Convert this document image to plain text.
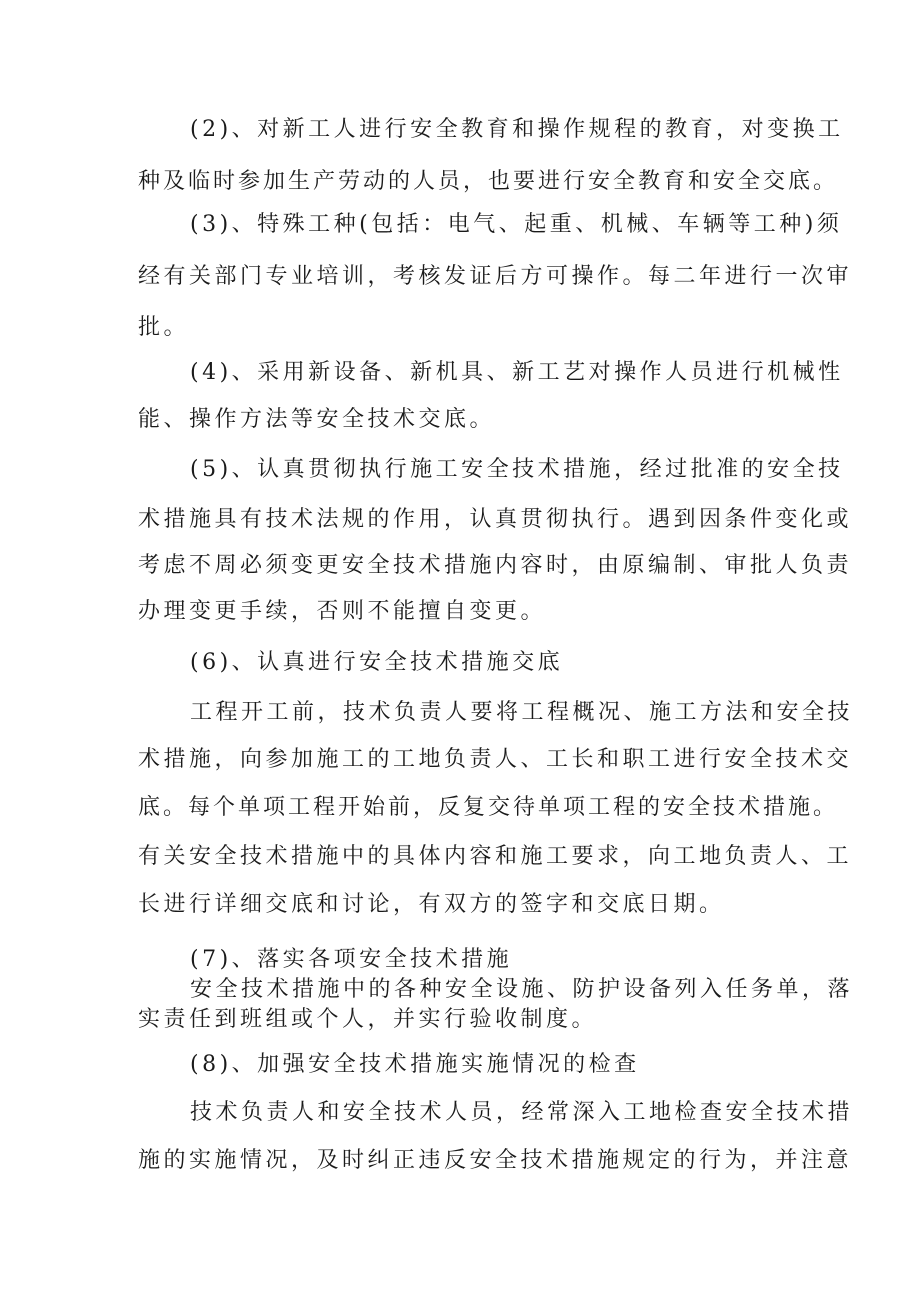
(2)、对新工人进行安全教育和操作规程的教育，对变换工
种及临时参加生产劳动的人员，也要进行安全教育和安全交底。
(3)、特殊工种(包括：电气、起重、机械、车辆等工种)须
经有关部门专业培训，考核发证后方可操作。每二年进行一次审
批。
(4)、采用新设备、新机具、新工艺对操作人员进行机械性
能、操作方法等安全技术交底。
(5)、认真贯彻执行施工安全技术措施，经过批准的安全技
术措施具有技术法规的作用，认真贯彻执行。遇到因条件变化或
考虑不周必须变更安全技术措施内容时，由原编制、审批人负责
办理变更手续，否则不能擅自变更。
(6)、认真进行安全技术措施交底
工程开工前，技术负责人要将工程概况、施工方法和安全技
术措施，向参加施工的工地负责人、工长和职工进行安全技术交
底。每个单项工程开始前，反复交待单项工程的安全技术措施。
有关安全技术措施中的具体内容和施工要求，向工地负责人、工
长进行详细交底和讨论，有双方的签字和交底日期。
(7)、落实各项安全技术措施
安全技术措施中的各种安全设施、防护设备列入任务单，落
实责任到班组或个人，并实行验收制度。
(8)、加强安全技术措施实施情况的检查
技术负责人和安全技术人员，经常深入工地检查安全技术措
施的实施情况，及时纠正违反安全技术措施规定的行为，并注意
